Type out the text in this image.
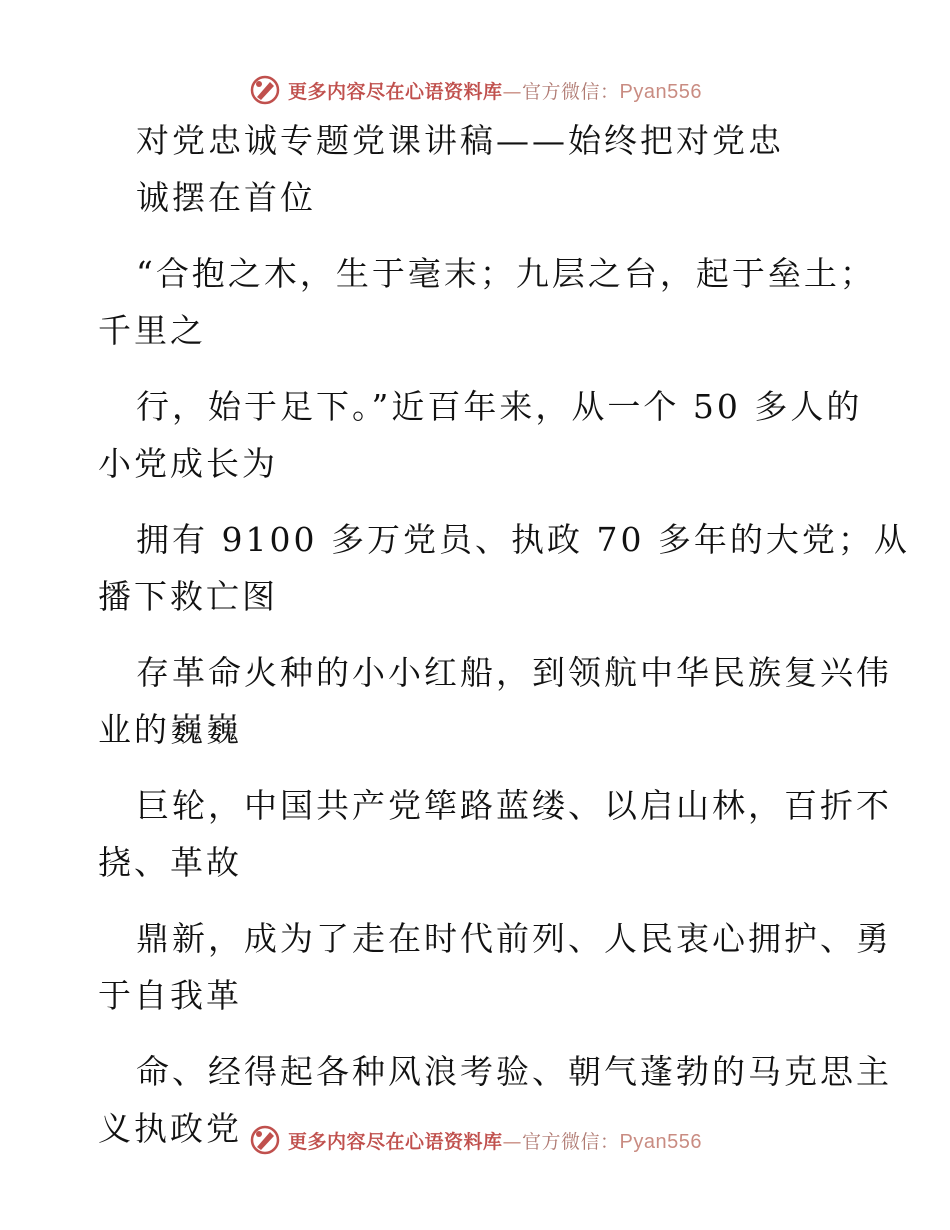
更多内容尽在心语资料库—官方微信：Pyan556

对党忠诚专题党课讲稿——始终把对党忠

诚摆在首位

“合抱之木，生于毫末；九层之台，起于垒土；

千里之

行，始于足下。”近百年来，从一个 50 多人的

小党成长为

拥有 9100 多万党员、执政 70 多年的大党；从

播下救亡图

存革命火种的小小红船，到领航中华民族复兴伟

业的巍巍

巨轮，中国共产党筚路蓝缕、以启山林，百折不

挠、革故

鼎新，成为了走在时代前列、人民衷心拥护、勇

于自我革

命、经得起各种风浪考验、朝气蓬勃的马克思主

义执政党	更多内容尽在心语资料库—官方微信：Pyan556
